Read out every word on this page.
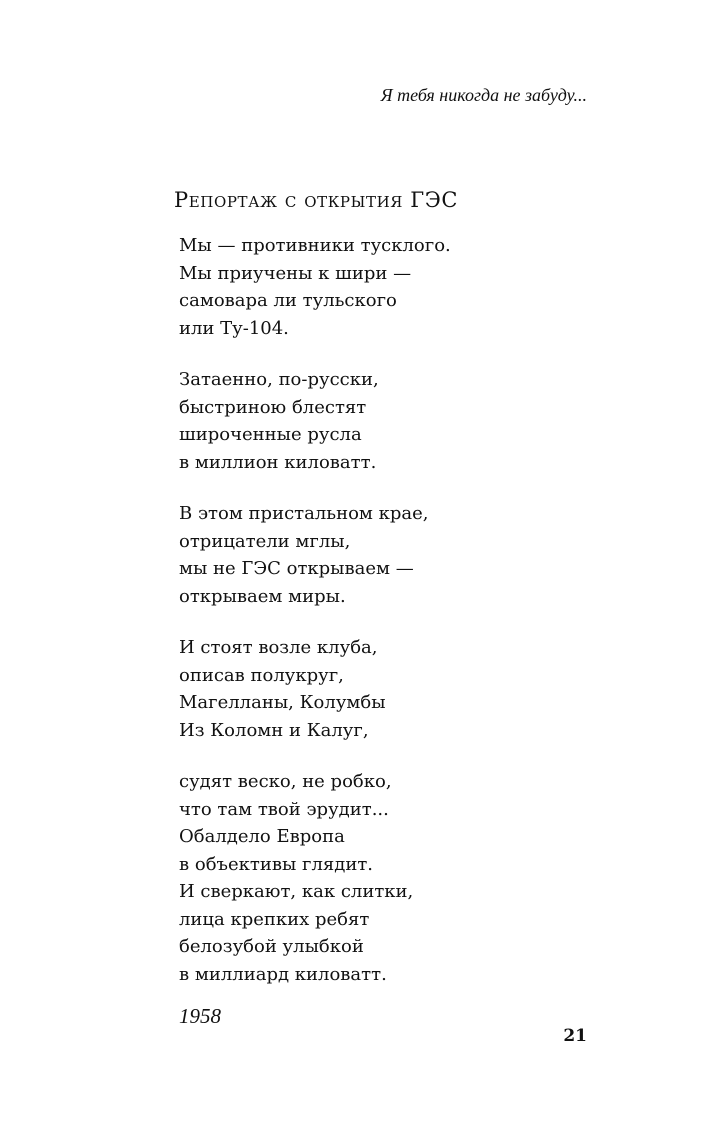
Я тебя никогда не забуду...
Репортаж с открытия ГЭС
Мы — противники тусклого.
Мы приучены к шири —
самовара ли тульского
или Ту-104.
Затаенно, по-русски,
быстриною блестят
широченные русла
в миллион киловатт.
В этом пристальном крае,
отрицатели мглы,
мы не ГЭС открываем —
открываем миры.
И стоят возле клуба,
описав полукруг,
Магелланы, Колумбы
Из Коломн и Калуг,
судят веско, не робко,
что там твой эрудит...
Обалдело Европа
в объективы глядит.
И сверкают, как слитки,
лица крепких ребят
белозубой улыбкой
в миллиард киловатт.
1958
21
